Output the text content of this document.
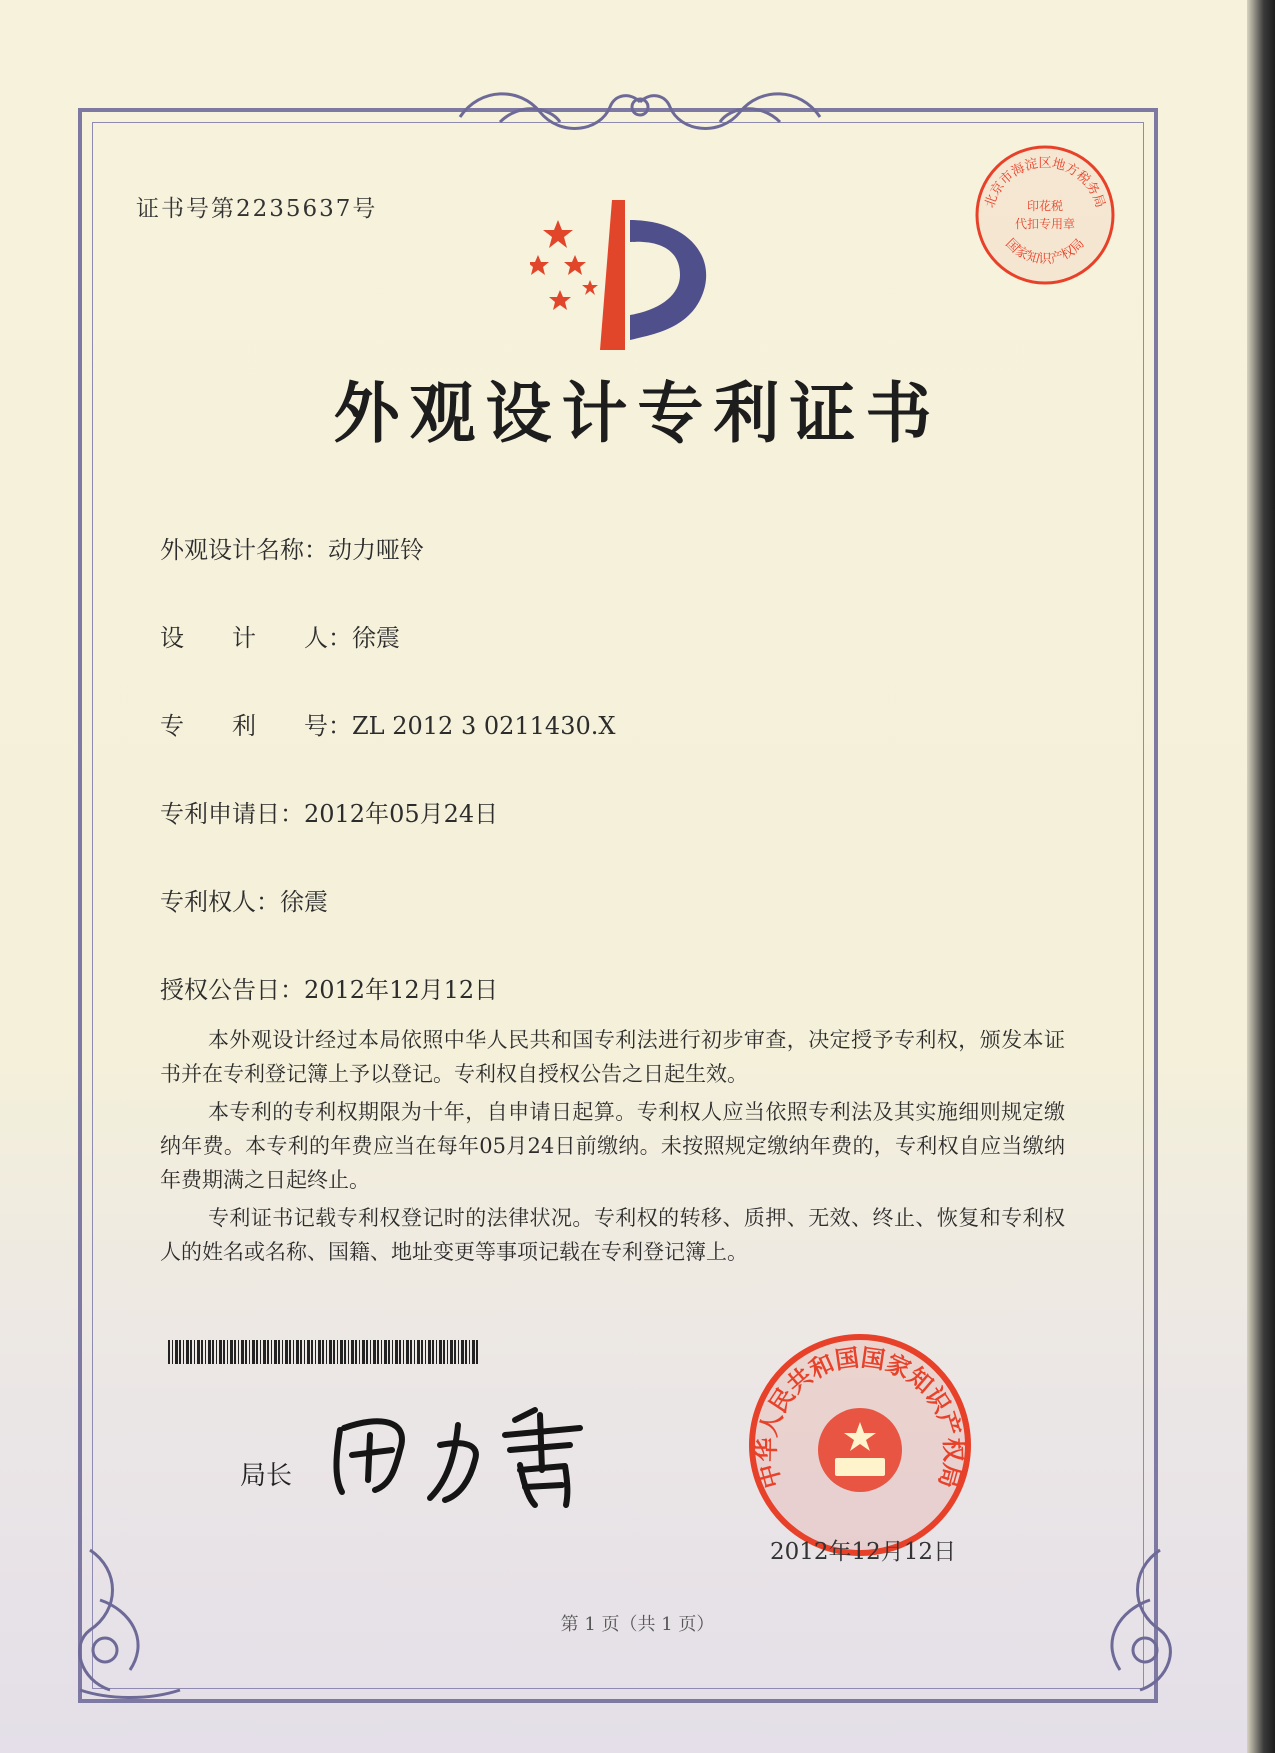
证书号第2235637号
外观设计专利证书
外观设计名称：动力哑铃
设　　计　　人：徐震
专　　利　　号：ZL 2012 3 0211430.X
专利申请日：2012年05月24日
专利权人：徐震
授权公告日：2012年12月12日
本外观设计经过本局依照中华人民共和国专利法进行初步审查，决定授予专利权，颁发本证书并在专利登记簿上予以登记。专利权自授权公告之日起生效。
本专利的专利权期限为十年，自申请日起算。专利权人应当依照专利法及其实施细则规定缴纳年费。本专利的年费应当在每年05月24日前缴纳。未按照规定缴纳年费的，专利权自应当缴纳年费期满之日起终止。
专利证书记载专利权登记时的法律状况。专利权的转移、质押、无效、终止、恢复和专利权人的姓名或名称、国籍、地址变更等事项记载在专利登记簿上。
局长	中华人民共和国国家知识产权局
2012年12月12日
北京市海淀区地方税务局
国家知识产权局
印花税
代扣专用章
第 1 页（共 1 页）
